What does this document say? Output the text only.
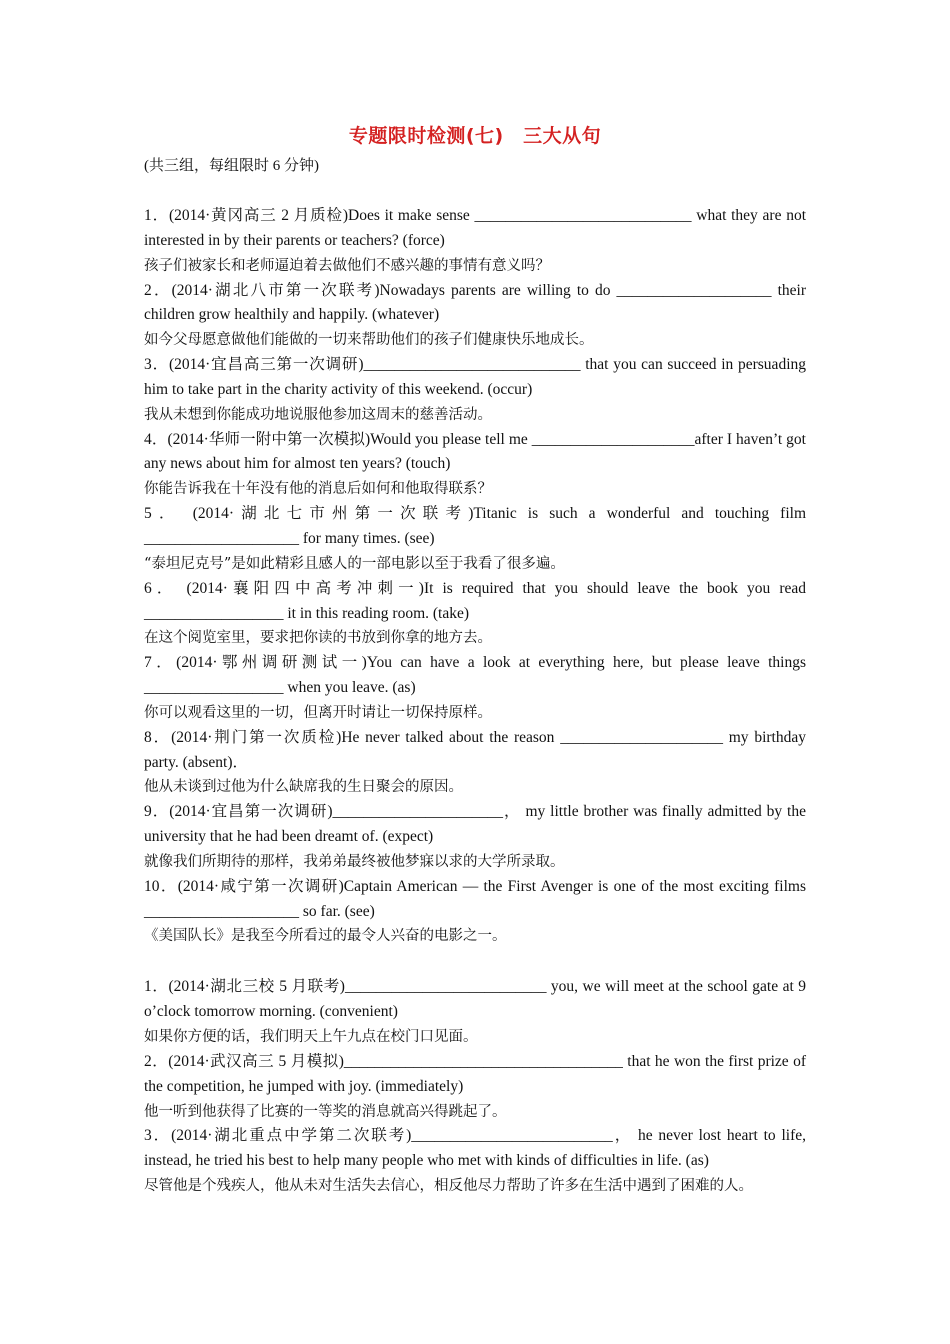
专题限时检测(七)　三大从句

(共三组，每组限时 6 分钟)

1．(2014·黄冈高三 2 月质检)Does it make sense ____________________________ what they are not interested in by their parents or teachers? (force)

孩子们被家长和老师逼迫着去做他们不感兴趣的事情有意义吗？

2．(2014·湖北八市第一次联考)Nowadays parents are willing to do ____________________ their children grow healthily and happily. (whatever)

如今父母愿意做他们能做的一切来帮助他们的孩子们健康快乐地成长。

3．(2014·宜昌高三第一次调研)____________________________ that you can succeed in persuading him to take part in the charity activity of this weekend. (occur)

我从未想到你能成功地说服他参加这周末的慈善活动。

4．(2014·华师一附中第一次模拟)Would you please tell me _____________________after I haven’t got any news about him for almost ten years? (touch)

你能告诉我在十年没有他的消息后如何和他取得联系？

5． (2014·湖北七市州第一次联考)Titanic is such a wonderful and touching film ____________________ for many times. (see)

“泰坦尼克号”是如此精彩且感人的一部电影以至于我看了很多遍。

6． (2014·襄阳四中高考冲刺一)It is required that you should leave the book you read __________________ it in this reading room. (take)

在这个阅览室里，要求把你读的书放到你拿的地方去。

7．(2014·鄂州调研测试一)You can have a look at everything here, but please leave things __________________ when you leave. (as)

你可以观看这里的一切，但离开时请让一切保持原样。

8．(2014·荆门第一次质检)He never talked about the reason _____________________ my birthday party. (absent)．

他从未谈到过他为什么缺席我的生日聚会的原因。

9．(2014·宜昌第一次调研)______________________， my little brother was finally admitted by the university that he had been dreamt of. (expect)

就像我们所期待的那样，我弟弟最终被他梦寐以求的大学所录取。

10．(2014·咸宁第一次调研)Captain American — the First Avenger is one of the most exciting films ____________________ so far. (see)

《美国队长》是我至今所看过的最令人兴奋的电影之一。

1．(2014·湖北三校 5 月联考)__________________________ you, we will meet at the school gate at 9 o’clock tomorrow morning. (convenient)

如果你方便的话，我们明天上午九点在校门口见面。

2．(2014·武汉高三 5 月模拟)____________________________________ that he won the first prize of the competition, he jumped with joy. (immediately)

他一听到他获得了比赛的一等奖的消息就高兴得跳起了。

3．(2014·湖北重点中学第二次联考)__________________________， he never lost heart to life, instead, he tried his best to help many people who met with kinds of difficulties in life. (as)

尽管他是个残疾人，他从未对生活失去信心，相反他尽力帮助了许多在生活中遇到了困难的人。
